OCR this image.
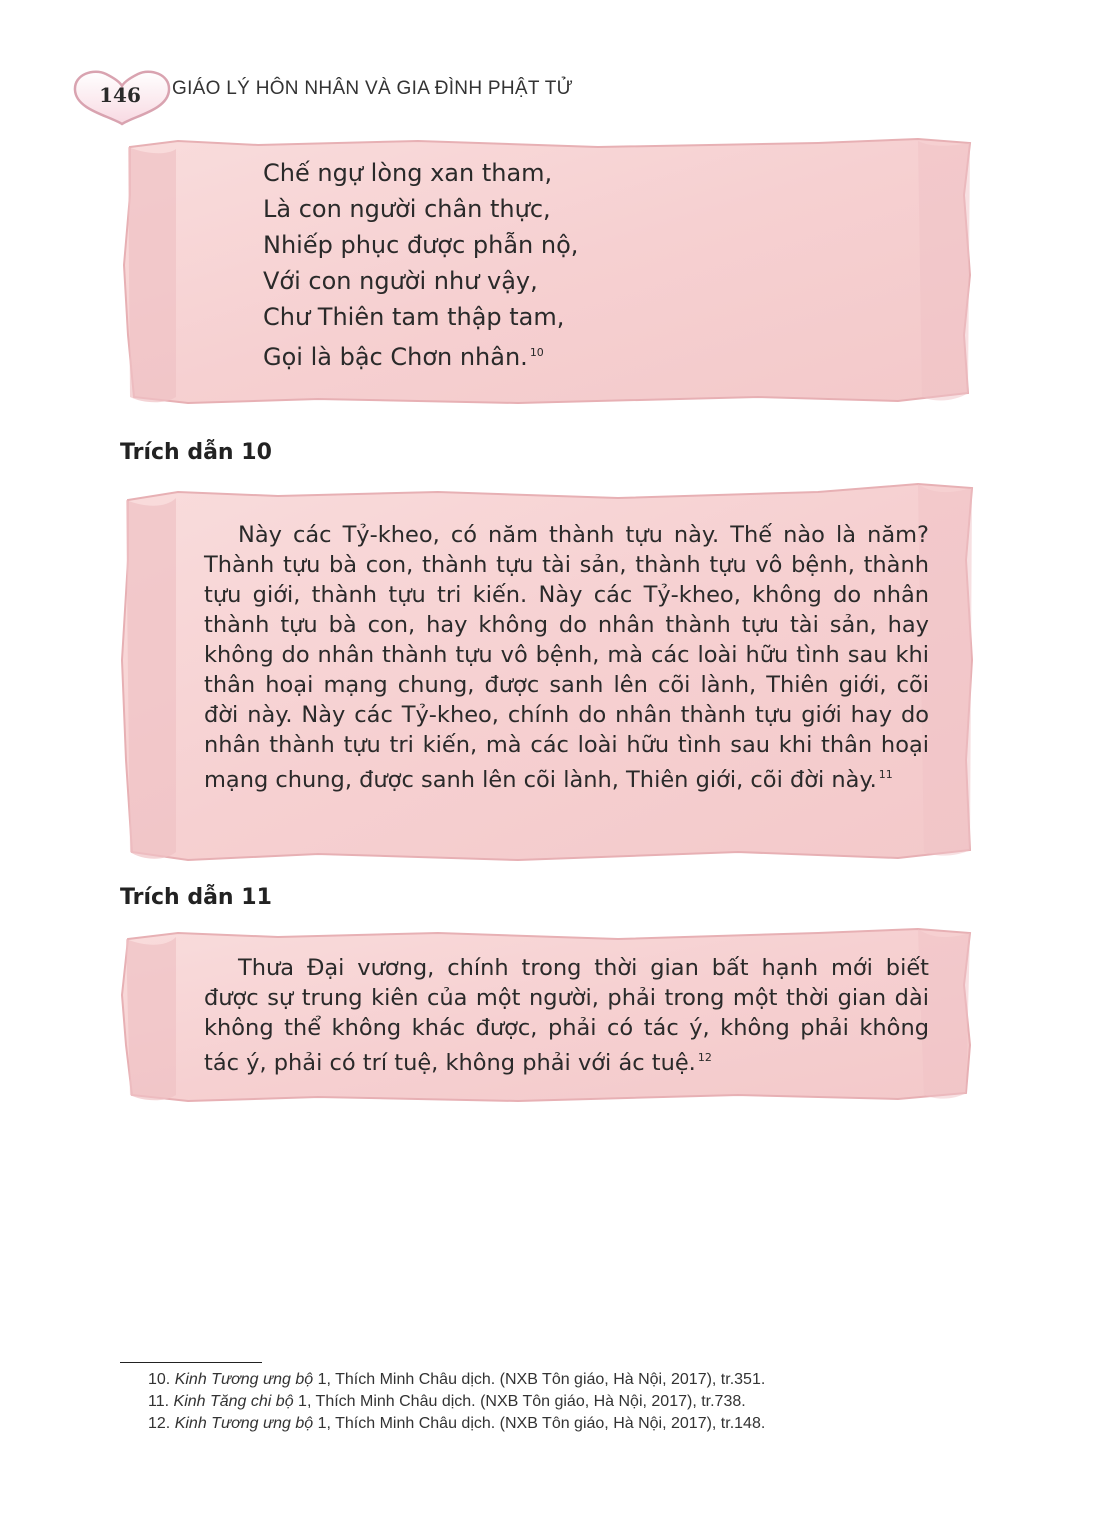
146	GIÁO LÝ HÔN NHÂN VÀ GIA ĐÌNH PHẬT TỬ
Chế ngự lòng xan tham,
Là con người chân thực,
Nhiếp phục được phẫn nộ,
Với con người như vậy,
Chư Thiên tam thập tam,
Gọi là bậc Chơn nhân. $^{10}$
Trích dẫn 10

Này các Tỷ-kheo, có năm thành tựu này. Thế nào là năm? Thành tựu bà con, thành tựu tài sản, thành tựu vô bệnh, thành tựu giới, thành tựu tri kiến. Này các Tỷ-kheo, không do nhân thành tựu bà con, hay không do nhân thành tựu tài sản, hay không do nhân thành tựu vô bệnh, mà các loài hữu tình sau khi thân hoại mạng chung, được sanh lên cõi lành, Thiên giới, cõi đời này. Này các Tỷ-kheo, chính do nhân thành tựu giới hay do nhân thành tựu tri kiến, mà các loài hữu tình sau khi thân hoại mạng chung, được sanh lên cõi lành, Thiên giới, cõi đời này. $^{11}$

Trích dẫn 11

Thưa Đại vương, chính trong thời gian bất hạnh mới biết được sự trung kiên của một người, phải trong một thời gian dài không thể không khác được, phải có tác ý, không phải không tác ý, phải có trí tuệ, không phải với ác tuệ. $^{12}$

10. Kinh Tương ưng bộ 1, Thích Minh Châu dịch. (NXB Tôn giáo, Hà Nội, 2017), tr.351.
11. Kinh Tăng chi bộ 1, Thích Minh Châu dịch. (NXB Tôn giáo, Hà Nội, 2017), tr.738.
12. Kinh Tương ưng bộ 1, Thích Minh Châu dịch. (NXB Tôn giáo, Hà Nội, 2017), tr.148.
